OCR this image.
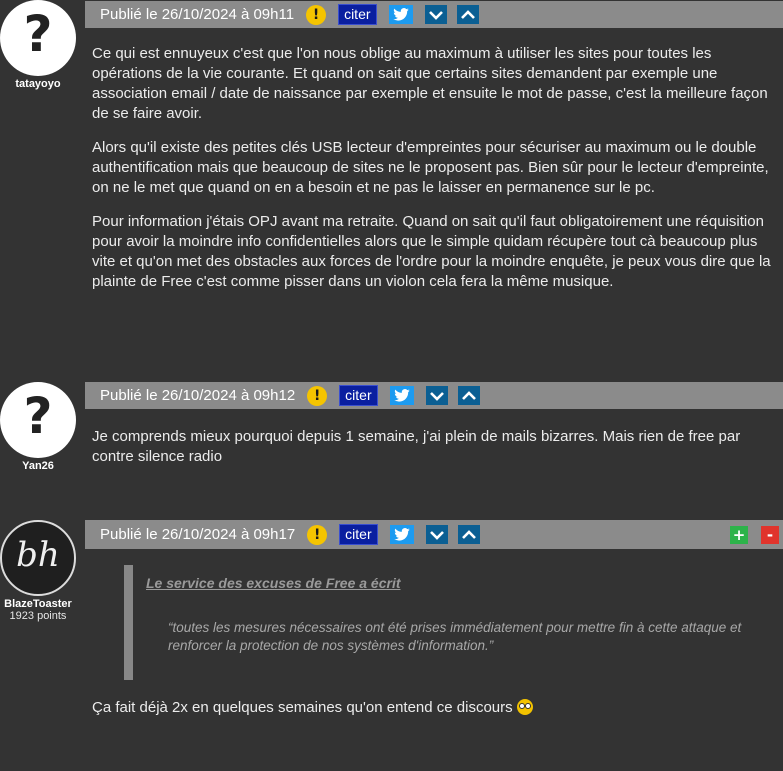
?
tatayoyo
Publié le 26/10/2024 à 09h11	!	citer

Ce qui est ennuyeux c'est que l'on nous oblige au maximum à utiliser les sites pour toutes les opérations de la vie courante. Et quand on sait que certains sites demandent par exemple une association email / date de naissance par exemple et ensuite le mot de passe, c'est la meilleure façon de se faire avoir.

Alors qu'il existe des petites clés USB lecteur d'empreintes pour sécuriser au maximum ou le double authentification mais que beaucoup de sites ne le proposent pas. Bien sûr pour le lecteur d'empreinte, on ne le met que quand on en a besoin et ne pas le laisser en permanence sur le pc.

Pour information j'étais OPJ avant ma retraite. Quand on sait qu'il faut obligatoirement une réquisition pour avoir la moindre info confidentielles alors que le simple quidam récupère tout cà beaucoup plus vite et qu'on met des obstacles aux forces de l'ordre pour la moindre enquête, je peux vous dire que la plainte de Free c'est comme pisser dans un violon cela fera la même musique.

?
Yan26
Publié le 26/10/2024 à 09h12	!	citer

Je comprends mieux pourquoi depuis 1 semaine, j'ai plein de mails bizarres. Mais rien de free par contre silence radio

bh
BlazeToaster
1923 points
Publié le 26/10/2024 à 09h17	!	citer	+	-
Le service des excuses de Free a écrit
“toutes les mesures nécessaires ont été prises immédiatement pour mettre fin à cette attaque et renforcer la protection de nos systèmes d'information.”

Ça fait déjà 2x en quelques semaines qu'on entend ce discours
